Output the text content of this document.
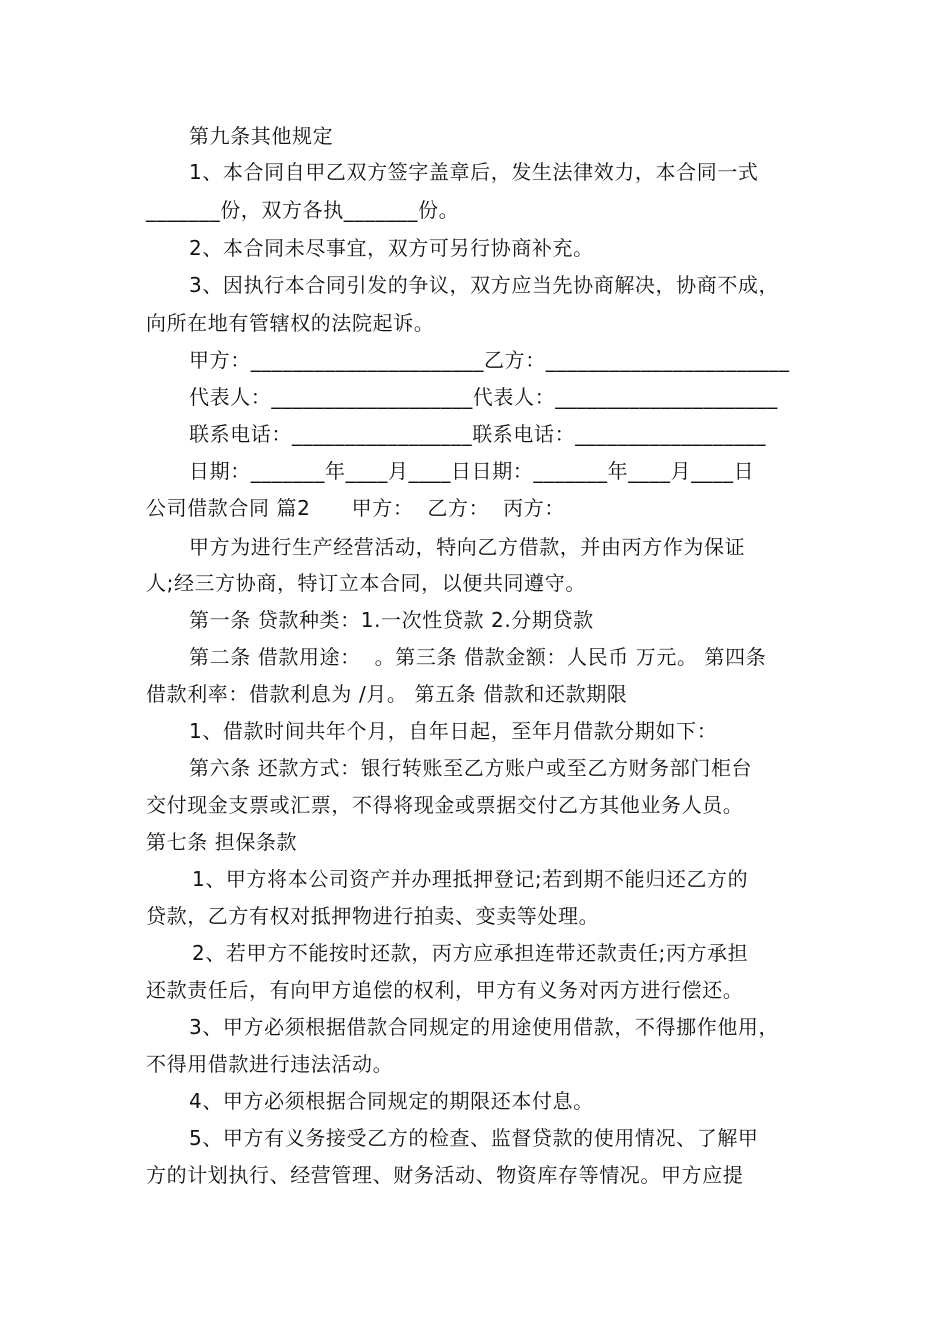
第九条其他规定
1、本合同自甲乙双方签字盖章后，发生法律效力，本合同一式
_______份，双方各执_______份。
2、本合同未尽事宜，双方可另行协商补充。
3、因执行本合同引发的争议，双方应当先协商解决，协商不成，
向所在地有管辖权的法院起诉。
甲方：______________________乙方：_______________________
代表人：___________________代表人：_____________________
联系电话：_________________联系电话：__________________
日期：_______年____月____日日期：_______年____月____日
公司借款合同 篇2　　甲方：  乙方：  丙方：
甲方为进行生产经营活动，特向乙方借款，并由丙方作为保证
人;经三方协商，特订立本合同，以便共同遵守。
第一条 贷款种类：1.一次性贷款 2.分期贷款
第二条 借款用途：  。第三条 借款金额：人民币 万元。 第四条
借款利率：借款利息为 /月。 第五条 借款和还款期限
1、借款时间共年个月，自年日起，至年月借款分期如下：
第六条 还款方式：银行转账至乙方账户或至乙方财务部门柜台
交付现金支票或汇票，不得将现金或票据交付乙方其他业务人员。
第七条 担保条款
1、甲方将本公司资产并办理抵押登记;若到期不能归还乙方的
贷款，乙方有权对抵押物进行拍卖、变卖等处理。
2、若甲方不能按时还款，丙方应承担连带还款责任;丙方承担
还款责任后，有向甲方追偿的权利，甲方有义务对丙方进行偿还。
3、甲方必须根据借款合同规定的用途使用借款，不得挪作他用，
不得用借款进行违法活动。
4、甲方必须根据合同规定的期限还本付息。
5、甲方有义务接受乙方的检查、监督贷款的使用情况、了解甲
方的计划执行、经营管理、财务活动、物资库存等情况。甲方应提
